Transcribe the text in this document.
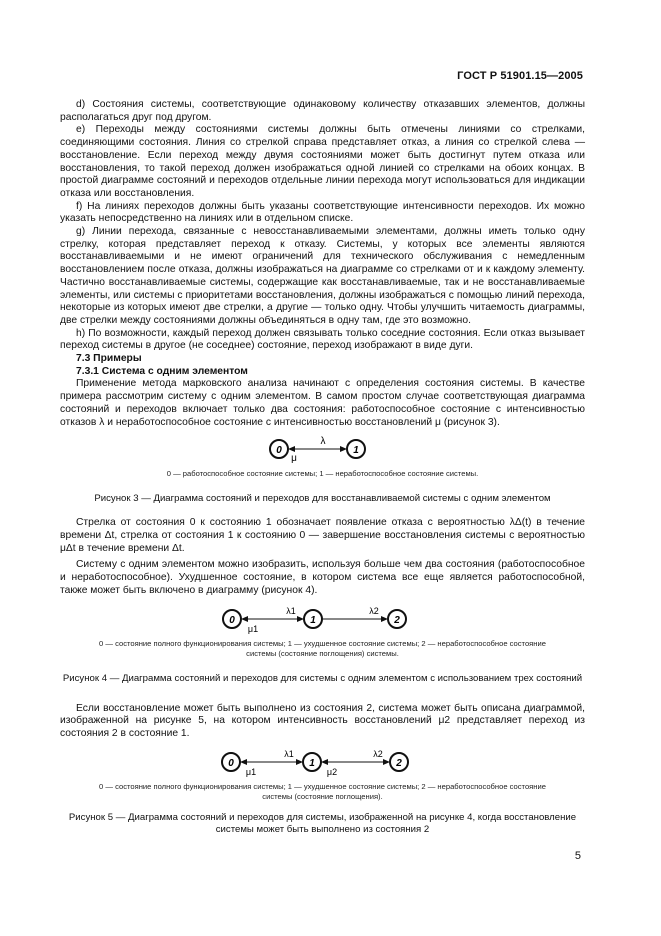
ГОСТ Р 51901.15—2005

d) Состояния системы, соответствующие одинаковому количеству отказавших элементов, должны располагаться друг под другом.

e) Переходы между состояниями системы должны быть отмечены линиями со стрелками, соединяющими состояния. Линия со стрелкой справа представляет отказ, а линия со стрелкой слева — восстановление. Если переход между двумя состояниями может быть достигнут путем отказа или восстановления, то такой переход должен изображаться одной линией со стрелками на обоих концах. В простой диаграмме состояний и переходов отдельные линии перехода могут использоваться для индикации отказа или восстановления.

f) На линиях переходов должны быть указаны соответствующие интенсивности переходов. Их можно указать непосредственно на линиях или в отдельном списке.

g) Линии перехода, связанные с невосстанавливаемыми элементами, должны иметь только одну стрелку, которая представляет переход к отказу. Системы, у которых все элементы являются восстанавливаемыми и не имеют ограничений для технического обслуживания с немедленным восстановлением после отказа, должны изображаться на диаграмме со стрелками от и к каждому элементу. Частично восстанавливаемые системы, содержащие как восстанавливаемые, так и не восстанавливаемые элементы, или системы с приоритетами восстановления, должны изображаться с помощью линий перехода, некоторые из которых имеют две стрелки, а другие — только одну. Чтобы улучшить читаемость диаграммы, две стрелки между состояниями должны объединяться в одну там, где это возможно.

h) По возможности, каждый переход должен связывать только соседние состояния. Если отказ вызывает переход системы в другое (не соседнее) состояние, переход изображают в виде дуги.

7.3 Примеры

7.3.1 Система с одним элементом

Применение метода марковского анализа начинают с определения состояния системы. В качестве примера рассмотрим систему с одним элементом. В самом простом случае соответствующая диаграмма состояний и переходов включает только два состояния: работоспособное состояние с интенсивностью отказов λ и неработоспособное состояние с интенсивностью восстановлений μ (рисунок 3).

0	1
λ
μ
0 — работоспособное состояние системы; 1 — неработоспособное состояние системы.
Рисунок 3 — Диаграмма состояний и переходов для восстанавливаемой системы с одним элементом

Стрелка от состояния 0 к состоянию 1 обозначает появление отказа с вероятностью λΔ(t) в течение времени Δt, стрелка от состояния 1 к состоянию 0 — завершение восстановления системы с вероятностью μΔt в течение времени Δt.

Систему с одним элементом можно изобразить, используя больше чем два состояния (работоспособное и неработоспособное). Ухудшенное состояние, в котором система все еще является работоспособной, также может быть включено в диаграмму (рисунок 4).

0	1	2
λ1
μ1
λ2
0 — состояние полного функционирования системы; 1 — ухудшенное состояние системы; 2 — неработоспособное состояние
системы (состояние поглощения) системы.
Рисунок 4 — Диаграмма состояний и переходов для системы с одним элементом с использованием трех состояний

Если восстановление может быть выполнено из состояния 2, система может быть описана диаграммой, изображенной на рисунке 5, на котором интенсивность восстановлений μ2 представляет переход из состояния 2 в состояние 1.

0	1	2
λ1
μ1
λ2
μ2
0 — состояние полного функционирования системы; 1 — ухудшенное состояние системы; 2 — неработоспособное состояние
системы (состояние поглощения).
Рисунок 5 — Диаграмма состояний и переходов для системы, изображенной на рисунке 4, когда восстановление
системы может быть выполнено из состояния 2
5
